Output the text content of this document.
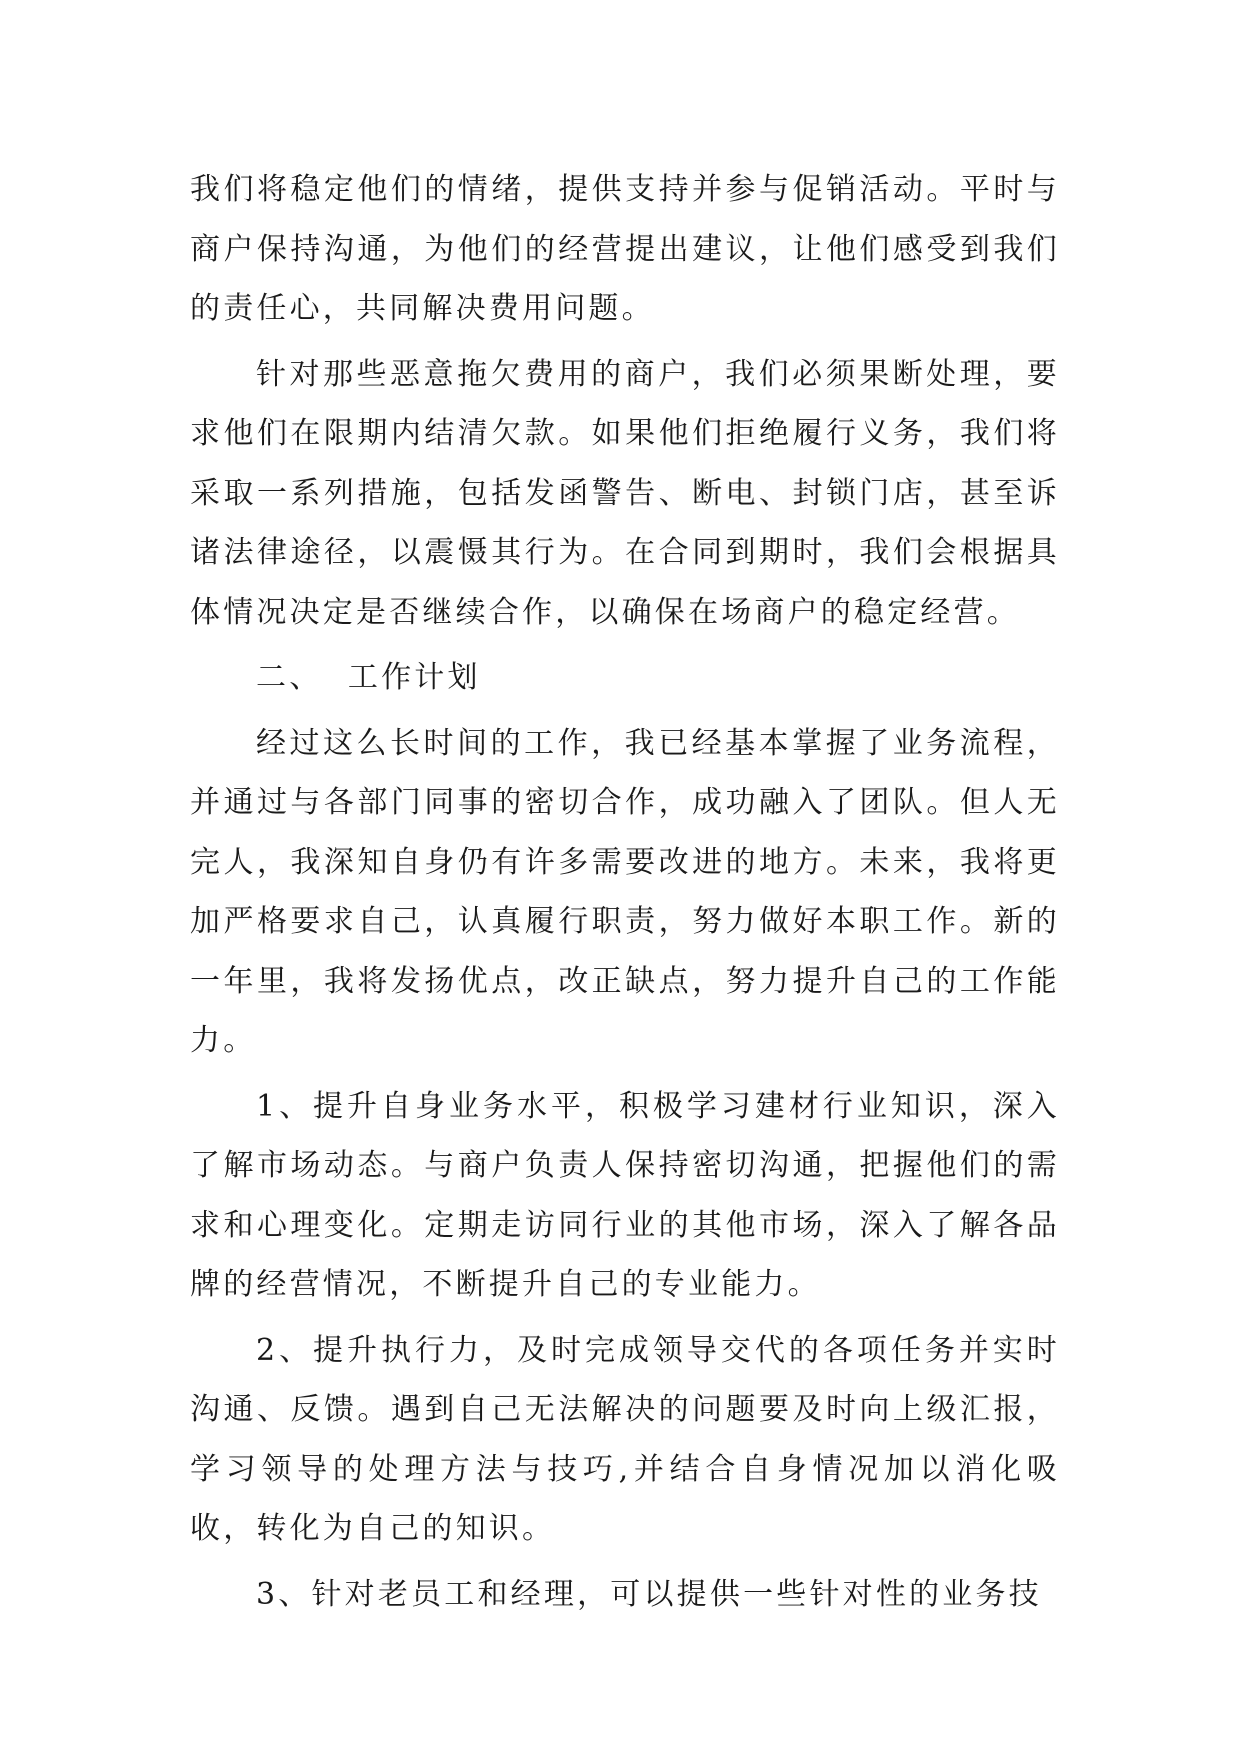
我们将稳定他们的情绪，提供支持并参与促销活动。平时与商户保持沟通，为他们的经营提出建议，让他们感受到我们的责任心，共同解决费用问题。

针对那些恶意拖欠费用的商户，我们必须果断处理，要求他们在限期内结清欠款。如果他们拒绝履行义务，我们将采取一系列措施，包括发函警告、断电、封锁门店，甚至诉诸法律途径，以震慑其行为。在合同到期时，我们会根据具体情况决定是否继续合作，以确保在场商户的稳定经营。

二、  工作计划

经过这么长时间的工作，我已经基本掌握了业务流程，并通过与各部门同事的密切合作，成功融入了团队。但人无完人，我深知自身仍有许多需要改进的地方。未来，我将更加严格要求自己，认真履行职责，努力做好本职工作。新的一年里，我将发扬优点，改正缺点，努力提升自己的工作能力。

1、提升自身业务水平，积极学习建材行业知识，深入了解市场动态。与商户负责人保持密切沟通，把握他们的需求和心理变化。定期走访同行业的其他市场，深入了解各品牌的经营情况，不断提升自己的专业能力。

2、提升执行力，及时完成领导交代的各项任务并实时沟通、反馈。遇到自己无法解决的问题要及时向上级汇报，学习领导的处理方法与技巧,并结合自身情况加以消化吸收，转化为自己的知识。

3、针对老员工和经理，可以提供一些针对性的业务技
